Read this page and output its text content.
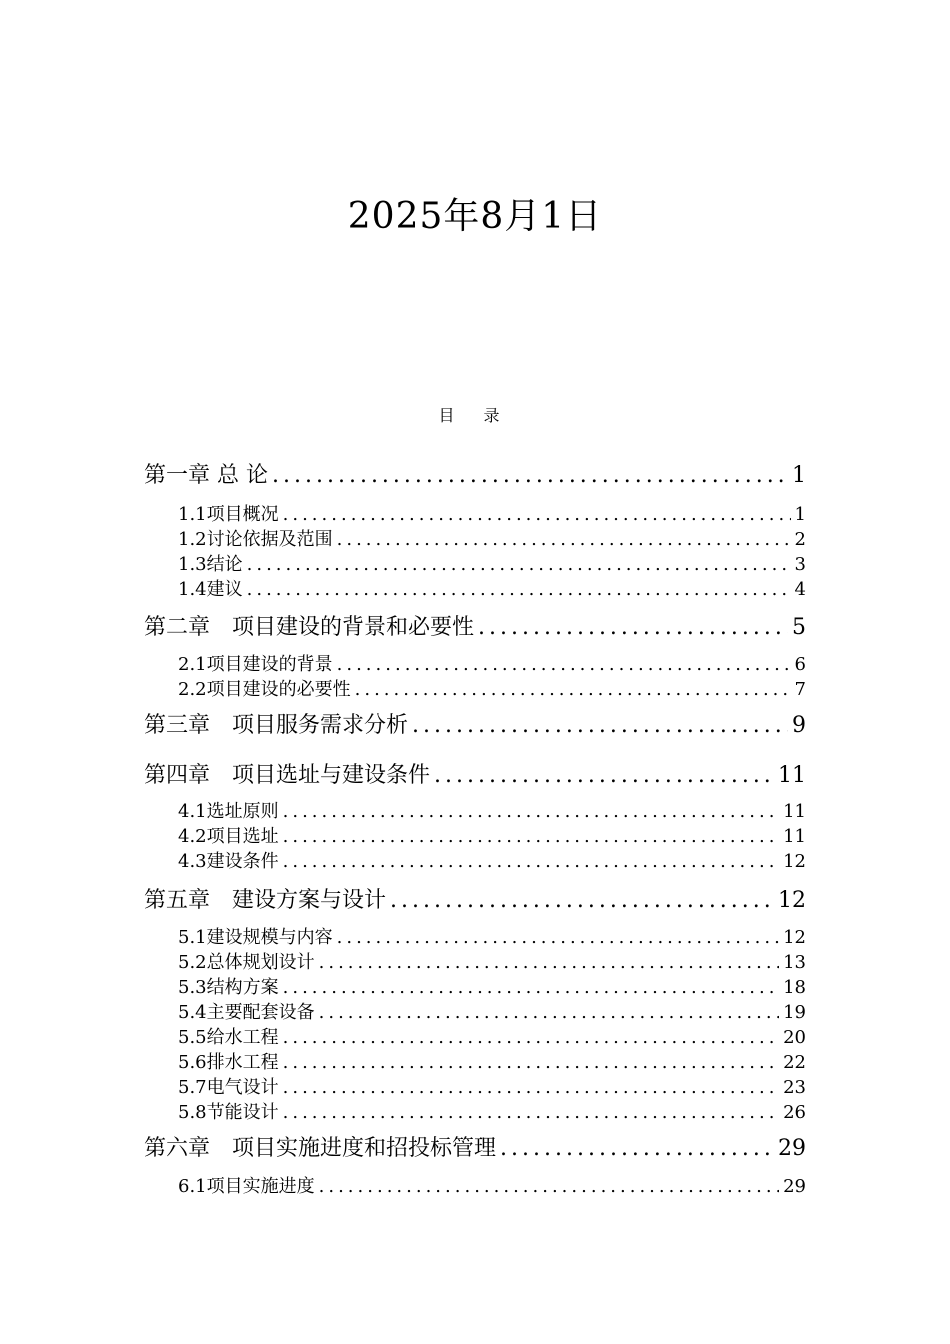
2025年8月1日
目 录
第一章 总 论 .....	1
1.1项目概况 .....	1
1.2讨论依据及范围 .....	2
1.3结论 .....	3
1.4建议 .....	4
第二章　项目建设的背景和必要性 .....	5
2.1项目建设的背景 .....	6
2.2项目建设的必要性 .....	7
第三章　项目服务需求分析 .....	9
第四章　项目选址与建设条件 .....	11
4.1选址原则 .....	11
4.2项目选址 .....	11
4.3建设条件 .....	12
第五章　建设方案与设计 .....	12
5.1建设规模与内容 .....	12
5.2总体规划设计 .....	13
5.3结构方案 .....	18
5.4主要配套设备 .....	19
5.5给水工程 .....	20
5.6排水工程 .....	22
5.7电气设计 .....	23
5.8节能设计 .....	26
第六章　项目实施进度和招投标管理 .....	29
6.1项目实施进度 .....	29
